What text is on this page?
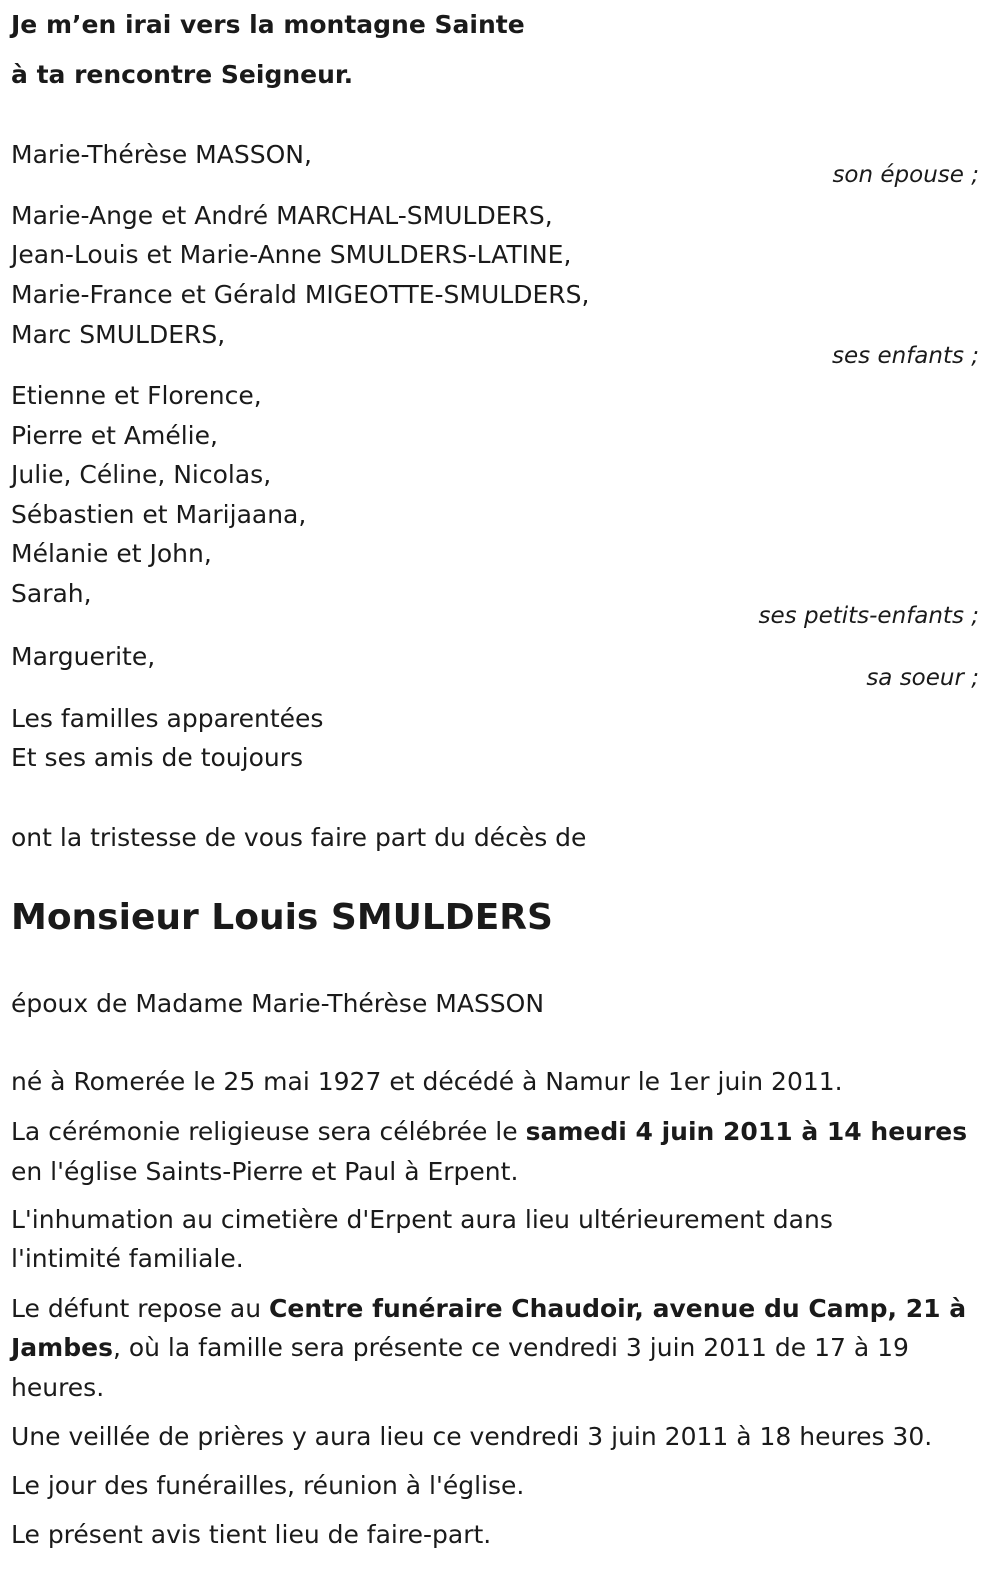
Je m’en irai vers la montagne Sainte
à ta rencontre Seigneur.
Marie-Thérèse MASSON,
son épouse ;
Marie-Ange et André MARCHAL-SMULDERS,
Jean-Louis et Marie-Anne SMULDERS-LATINE,
Marie-France et Gérald MIGEOTTE-SMULDERS,
Marc SMULDERS,
ses enfants ;
Etienne et Florence,
Pierre et Amélie,
Julie, Céline, Nicolas,
Sébastien et Marijaana,
Mélanie et John,
Sarah,
ses petits-enfants ;
Marguerite,
sa soeur ;
Les familles apparentées
Et ses amis de toujours
ont la tristesse de vous faire part du décès de
Monsieur Louis SMULDERS
époux de Madame Marie-Thérèse MASSON
né à Romerée le 25 mai 1927 et décédé à Namur le 1er juin 2011.
La cérémonie religieuse sera célébrée le samedi 4 juin 2011 à 14 heures
en l'église Saints-Pierre et Paul à Erpent.
L'inhumation au cimetière d'Erpent aura lieu ultérieurement dans
l'intimité familiale.
Le défunt repose au Centre funéraire Chaudoir, avenue du Camp, 21 à
Jambes, où la famille sera présente ce vendredi 3 juin 2011 de 17 à 19
heures.
Une veillée de prières y aura lieu ce vendredi 3 juin 2011 à 18 heures 30.
Le jour des funérailles, réunion à l'église.
Le présent avis tient lieu de faire-part.
